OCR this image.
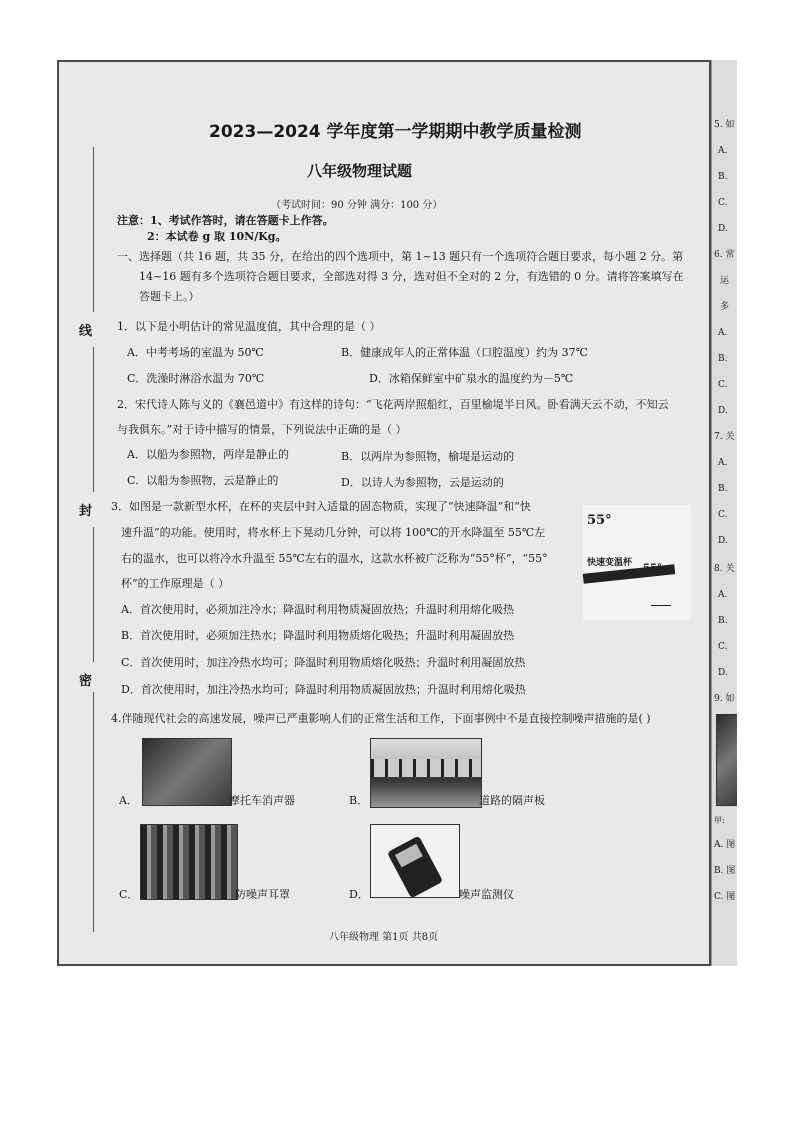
2023—2024 学年度第一学期期中教学质量检测
八年级物理试题
（考试时间：90 分钟 满分：100 分）
注意：1、考试作答时，请在答题卡上作答。
2：本试卷 g 取 10N/Kg。
一、选择题（共 16 题，共 35 分，在给出的四个选项中，第 1~13 题只有一个选项符合题目要求，每小题 2 分。第
14~16 题有多个选项符合题目要求，全部选对得 3 分，选对但不全对的 2 分，有选错的 0 分。请将答案填写在
答题卡上。）
线
封
密
1．以下是小明估计的常见温度值，其中合理的是（ ）
A．中考考场的室温为 50℃	B．健康成年人的正常体温（口腔温度）约为 37℃
C．洗澡时淋浴水温为 70℃	D．冰箱保鲜室中矿泉水的温度约为－5℃
2．宋代诗人陈与义的《襄邑道中》有这样的诗句：“飞花两岸照船红，百里榆堤半日风。卧看满天云不动，不知云
与我俱东。”对于诗中描写的情景，下列说法中正确的是（ ）
A．以船为参照物，两岸是静止的	B．以两岸为参照物，榆堤是运动的
C．以船为参照物，云是静止的	D．以诗人为参照物，云是运动的
3．如图是一款新型水杯，在杯的夹层中封入适量的固态物质，实现了“快速降温”和“快
速升温”的功能。使用时，将水杯上下晃动几分钟，可以将 100℃的开水降温至 55℃左
右的温水，也可以将冷水升温至 55℃左右的温水，这款水杯被广泛称为“55°杯”，“55°
杯”的工作原理是（ ）
A．首次使用时，必须加注冷水；降温时利用物质凝固放热；升温时利用熔化吸热
B．首次使用时，必须加注热水；降温时利用物质熔化吸热；升温时利用凝固放热
C．首次使用时，加注冷热水均可；降温时利用物质熔化吸热；升温时利用凝固放热
D．首次使用时，加注冷热水均可；降温时利用物质凝固放热；升温时利用熔化吸热
55°
快速变温杯 55°
4.伴随现代社会的高速发展，噪声已严重影响人们的正常生活和工作，下面事例中不是直接控制噪声措施的是( )
A．	摩托车消声器	B．	道路的隔声板
C．	防噪声耳罩	D．	噪声监测仪
八年级物理 第1页 共8页
5. 如
A.
B.
C.
D.
6. 常
运
多
A.
B.
C.
D.
7. 关
A.
B.
C.
D.
8. 关
A.
B.
C.
D.
9. 如
甲:
A. 图
B. 图
C. 图
